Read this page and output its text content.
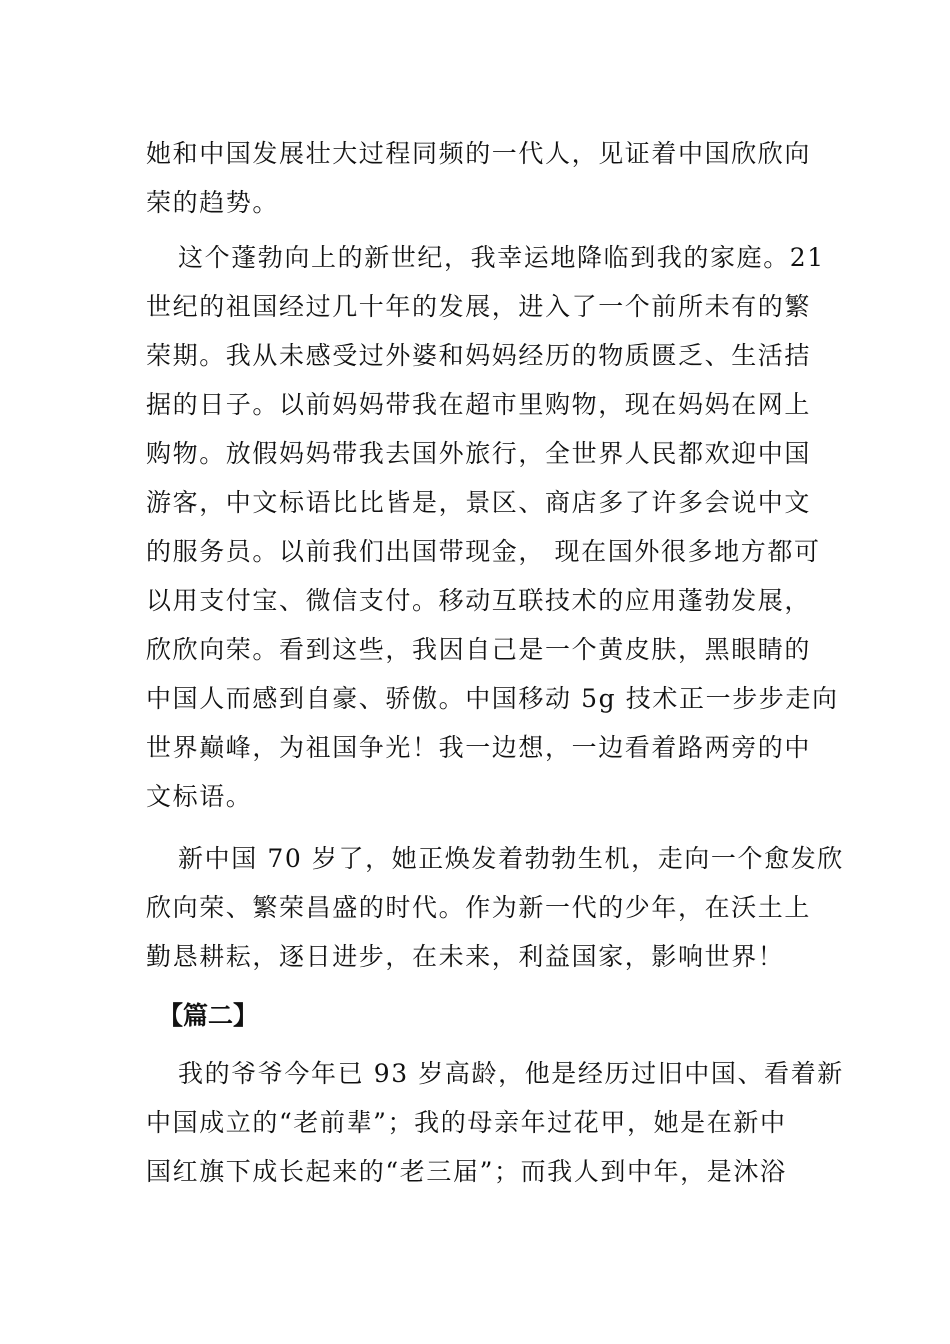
她和中国发展壮大过程同频的一代人，见证着中国欣欣向
荣的趋势。
这个蓬勃向上的新世纪，我幸运地降临到我的家庭。21
世纪的祖国经过几十年的发展，进入了一个前所未有的繁
荣期。我从未感受过外婆和妈妈经历的物质匮乏、生活拮
据的日子。以前妈妈带我在超市里购物，现在妈妈在网上
购物。放假妈妈带我去国外旅行，全世界人民都欢迎中国
游客，中文标语比比皆是，景区、商店多了许多会说中文
的服务员。以前我们出国带现金， 现在国外很多地方都可
以用支付宝、微信支付。移动互联技术的应用蓬勃发展，
欣欣向荣。看到这些，我因自己是一个黄皮肤，黑眼睛的
中国人而感到自豪、骄傲。中国移动 5g 技术正一步步走向
世界巅峰，为祖国争光！我一边想，一边看着路两旁的中
文标语。
新中国 70 岁了，她正焕发着勃勃生机，走向一个愈发欣
欣向荣、繁荣昌盛的时代。作为新一代的少年，在沃土上
勤恳耕耘，逐日进步，在未来，利益国家，影响世界！
【篇二】
我的爷爷今年已 93 岁高龄，他是经历过旧中国、看着新
中国成立的“老前辈”；我的母亲年过花甲，她是在新中
国红旗下成长起来的“老三届”；而我人到中年，是沐浴
